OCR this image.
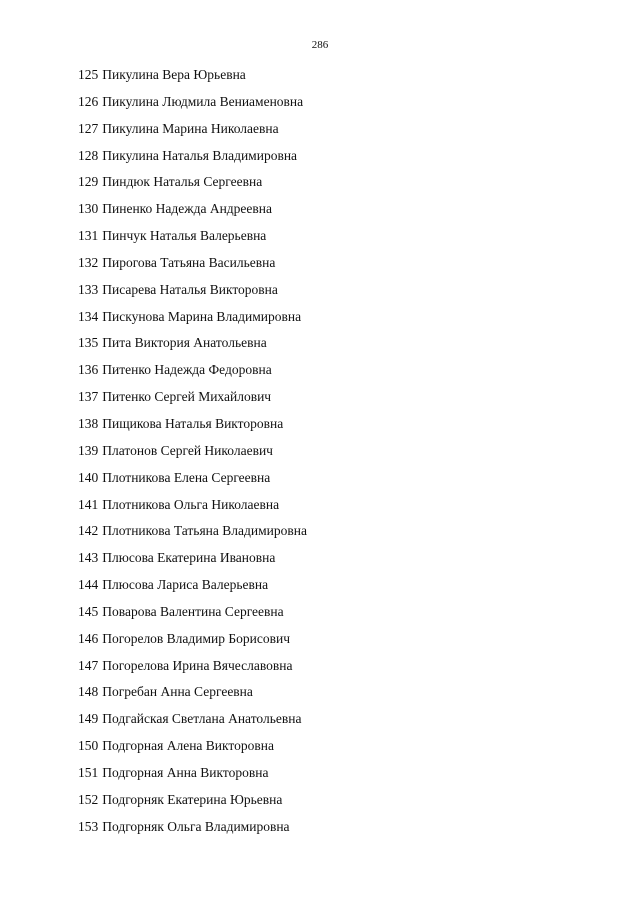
286
125 Пикулина Вера Юрьевна
126 Пикулина Людмила Вениаменовна
127 Пикулина Марина Николаевна
128 Пикулина Наталья Владимировна
129 Пиндюк Наталья Сергеевна
130 Пиненко Надежда Андреевна
131 Пинчук Наталья Валерьевна
132 Пирогова Татьяна Васильевна
133 Писарева Наталья Викторовна
134 Пискунова Марина Владимировна
135 Пита Виктория Анатольевна
136 Питенко Надежда Федоровна
137 Питенко Сергей Михайлович
138 Пищикова Наталья Викторовна
139 Платонов Сергей Николаевич
140 Плотникова Елена Сергеевна
141 Плотникова Ольга Николаевна
142 Плотникова Татьяна Владимировна
143 Плюсова Екатерина Ивановна
144 Плюсова Лариса Валерьевна
145 Поварова Валентина Сергеевна
146 Погорелов Владимир Борисович
147 Погорелова Ирина Вячеславовна
148 Погребан Анна Сергеевна
149 Подгайская Светлана Анатольевна
150 Подгорная Алена Викторовна
151 Подгорная Анна Викторовна
152 Подгорняк Екатерина Юрьевна
153 Подгорняк Ольга Владимировна
